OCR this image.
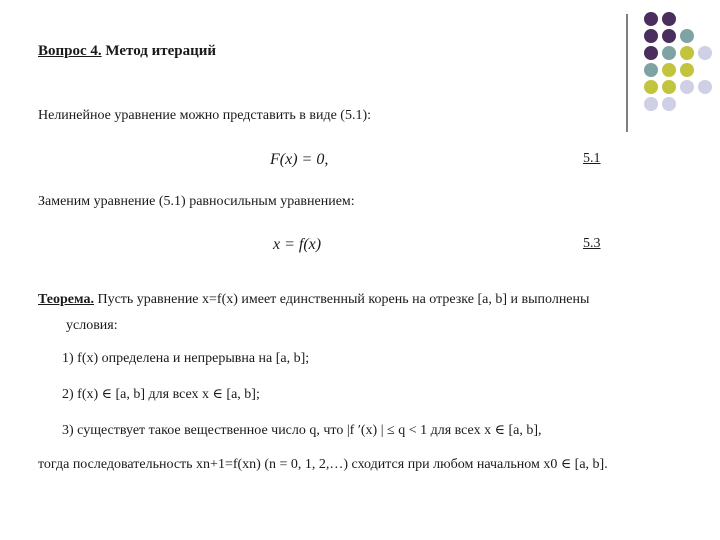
Вопрос 4. Метод итераций
Нелинейное уравнение можно представить в виде (5.1):
F(x) = 0,	5.1
Заменим уравнение (5.1) равносильным уравнением:
x = f(x)	5.3
Теорема. Пусть уравнение x=f(x) имеет единственный корень на отрезке [a, b] и выполнены
условия:
1) f(x) определена и непрерывна на [a, b];
2) f(x) ∈ [a, b] для всех x ∈ [a, b];
3) существует такое вещественное число q, что |f ′(x) | ≤ q < 1 для всех x ∈ [a, b],
тогда последовательность xn+1=f(xn) (n = 0, 1, 2,…) сходится при любом начальном x0 ∈ [a, b].
